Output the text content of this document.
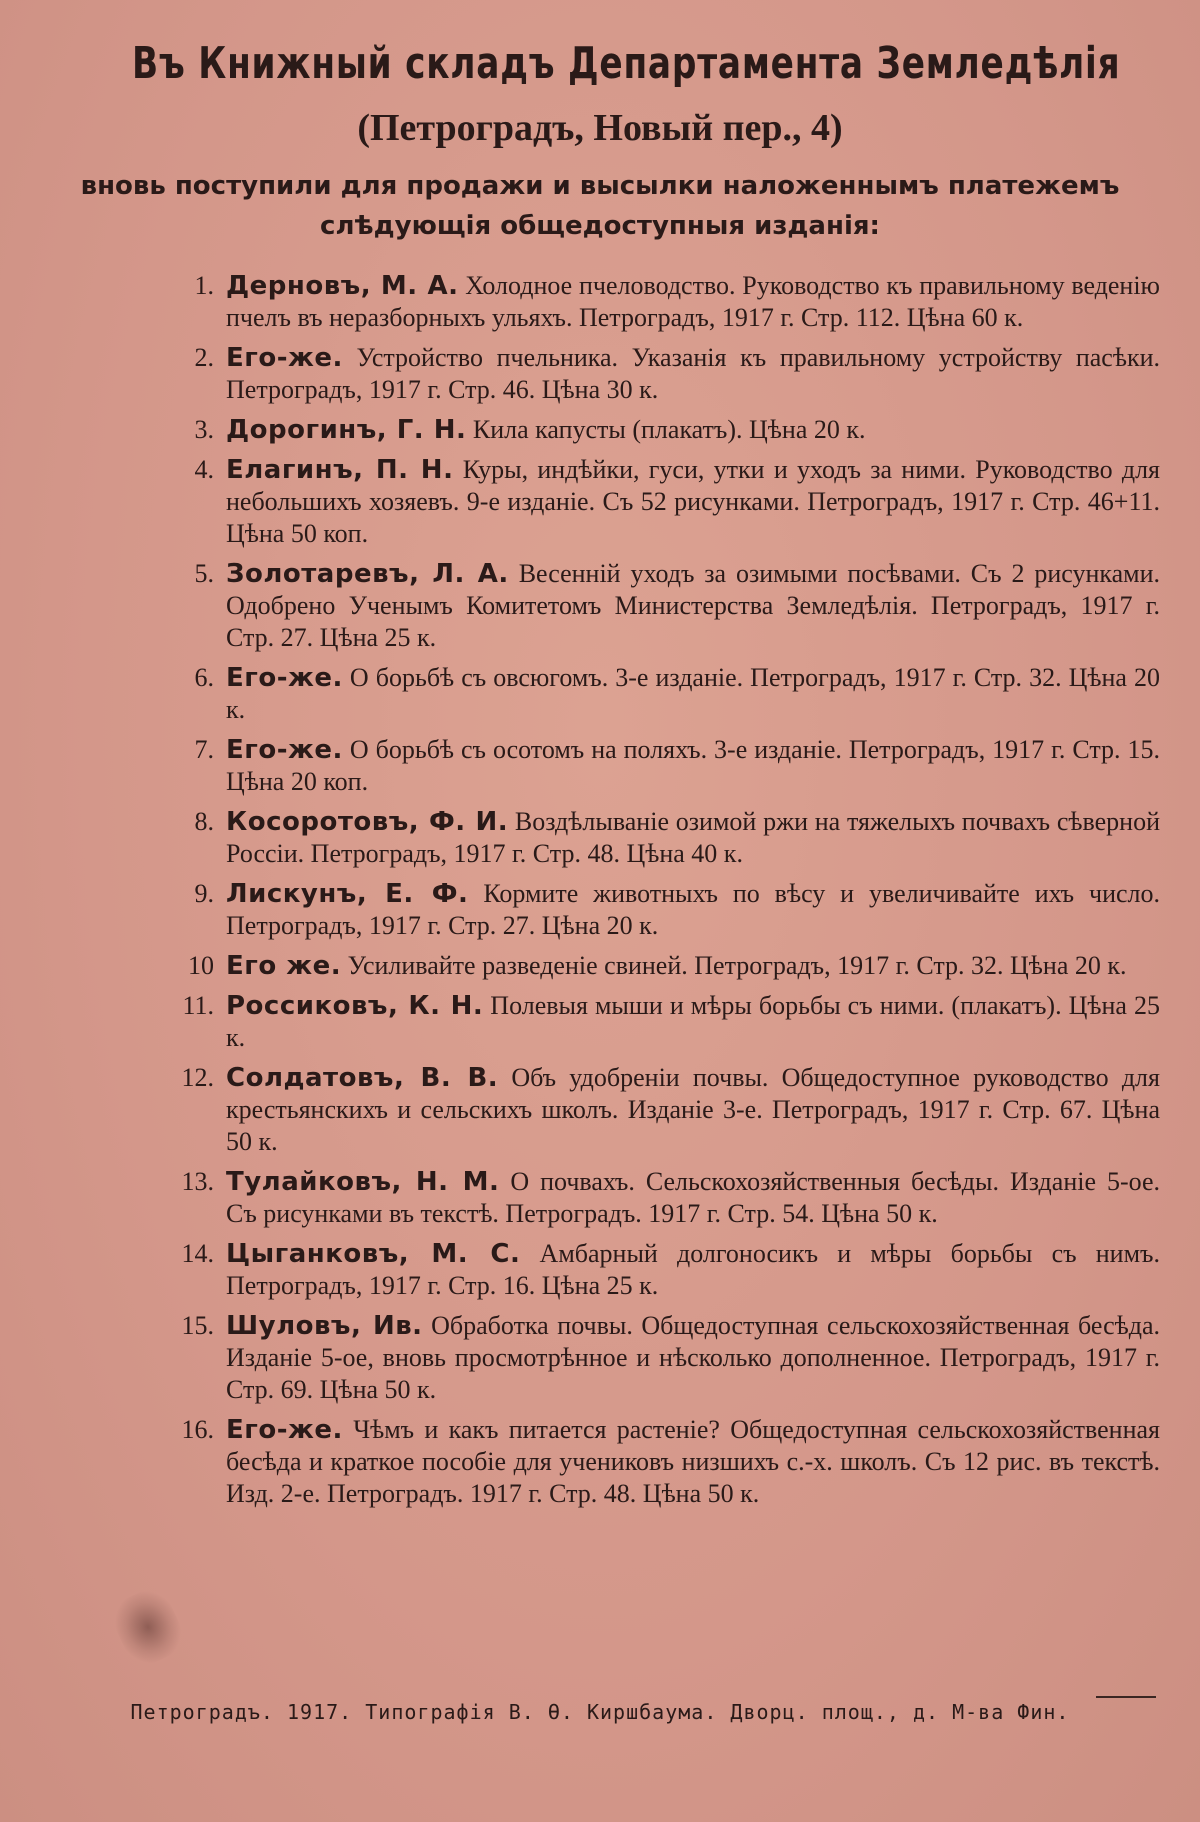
Въ Книжный складъ Департамента Земледѣлія
(Петроградъ, Новый пер., 4)
вновь поступили для продажи и высылки наложеннымъ платежемъ
слѣдующія общедоступныя изданія:
1. Дерновъ, М. А. Холодное пчеловодство. Руководство къ правильному веденію пчелъ въ неразборныхъ ульяхъ. Петроградъ, 1917 г. Стр. 112. Цѣна 60 к.
2. Его-же. Устройство пчельника. Указанія къ правильному устройству пасѣки. Петроградъ, 1917 г. Стр. 46. Цѣна 30 к.
3. Дорогинъ, Г. Н. Кила капусты (плакатъ). Цѣна 20 к.
4. Елагинъ, П. Н. Куры, индѣйки, гуси, утки и уходъ за ними. Руководство для небольшихъ хозяевъ. 9-е изданіе. Съ 52 рисунками. Петроградъ, 1917 г. Стр. 46+11. Цѣна 50 коп.
5. Золотаревъ, Л. А. Весенній уходъ за озимыми посѣвами. Съ 2 рисунками. Одобрено Ученымъ Комитетомъ Министерства Земледѣлія. Петроградъ, 1917 г. Стр. 27. Цѣна 25 к.
6. Его-же. О борьбѣ съ овсюгомъ. 3-е изданіе. Петроградъ, 1917 г. Стр. 32. Цѣна 20 к.
7. Его-же. О борьбѣ съ осотомъ на поляхъ. 3-е изданіе. Петроградъ, 1917 г. Стр. 15. Цѣна 20 коп.
8. Косоротовъ, Ф. И. Воздѣлываніе озимой ржи на тяжелыхъ почвахъ сѣверной Россіи. Петроградъ, 1917 г. Стр. 48. Цѣна 40 к.
9. Лискунъ, Е. Ф. Кормите животныхъ по вѣсу и увеличивайте ихъ число. Петроградъ, 1917 г. Стр. 27. Цѣна 20 к.
10 Его же. Усиливайте разведеніе свиней. Петроградъ, 1917 г. Стр. 32. Цѣна 20 к.
11. Россиковъ, К. Н. Полевыя мыши и мѣры борьбы съ ними. (плакатъ). Цѣна 25 к.
12. Солдатовъ, В. В. Объ удобреніи почвы. Общедоступное руководство для крестьянскихъ и сельскихъ школъ. Изданіе 3-е. Петроградъ, 1917 г. Стр. 67. Цѣна 50 к.
13. Тулайковъ, Н. М. О почвахъ. Сельскохозяйственныя бесѣды. Изданіе 5-ое. Съ рисунками въ текстѣ. Петроградъ. 1917 г. Стр. 54. Цѣна 50 к.
14. Цыганковъ, М. С. Амбарный долгоносикъ и мѣры борьбы съ нимъ. Петроградъ, 1917 г. Стр. 16. Цѣна 25 к.
15. Шуловъ, Ив. Обработка почвы. Общедоступная сельскохозяйственная бесѣда. Изданіе 5-ое, вновь просмотрѣнное и нѣсколько дополненное. Петроградъ, 1917 г. Стр. 69. Цѣна 50 к.
16. Его-же. Чѣмъ и какъ питается растеніе? Общедоступная сельскохозяйственная бесѣда и краткое пособіе для учениковъ низшихъ с.-х. школъ. Съ 12 рис. въ текстѣ. Изд. 2-е. Петроградъ. 1917 г. Стр. 48. Цѣна 50 к.
Петроградъ. 1917. Типографія В. Ѳ. Киршбаума. Дворц. площ., д. М-ва Фин.
